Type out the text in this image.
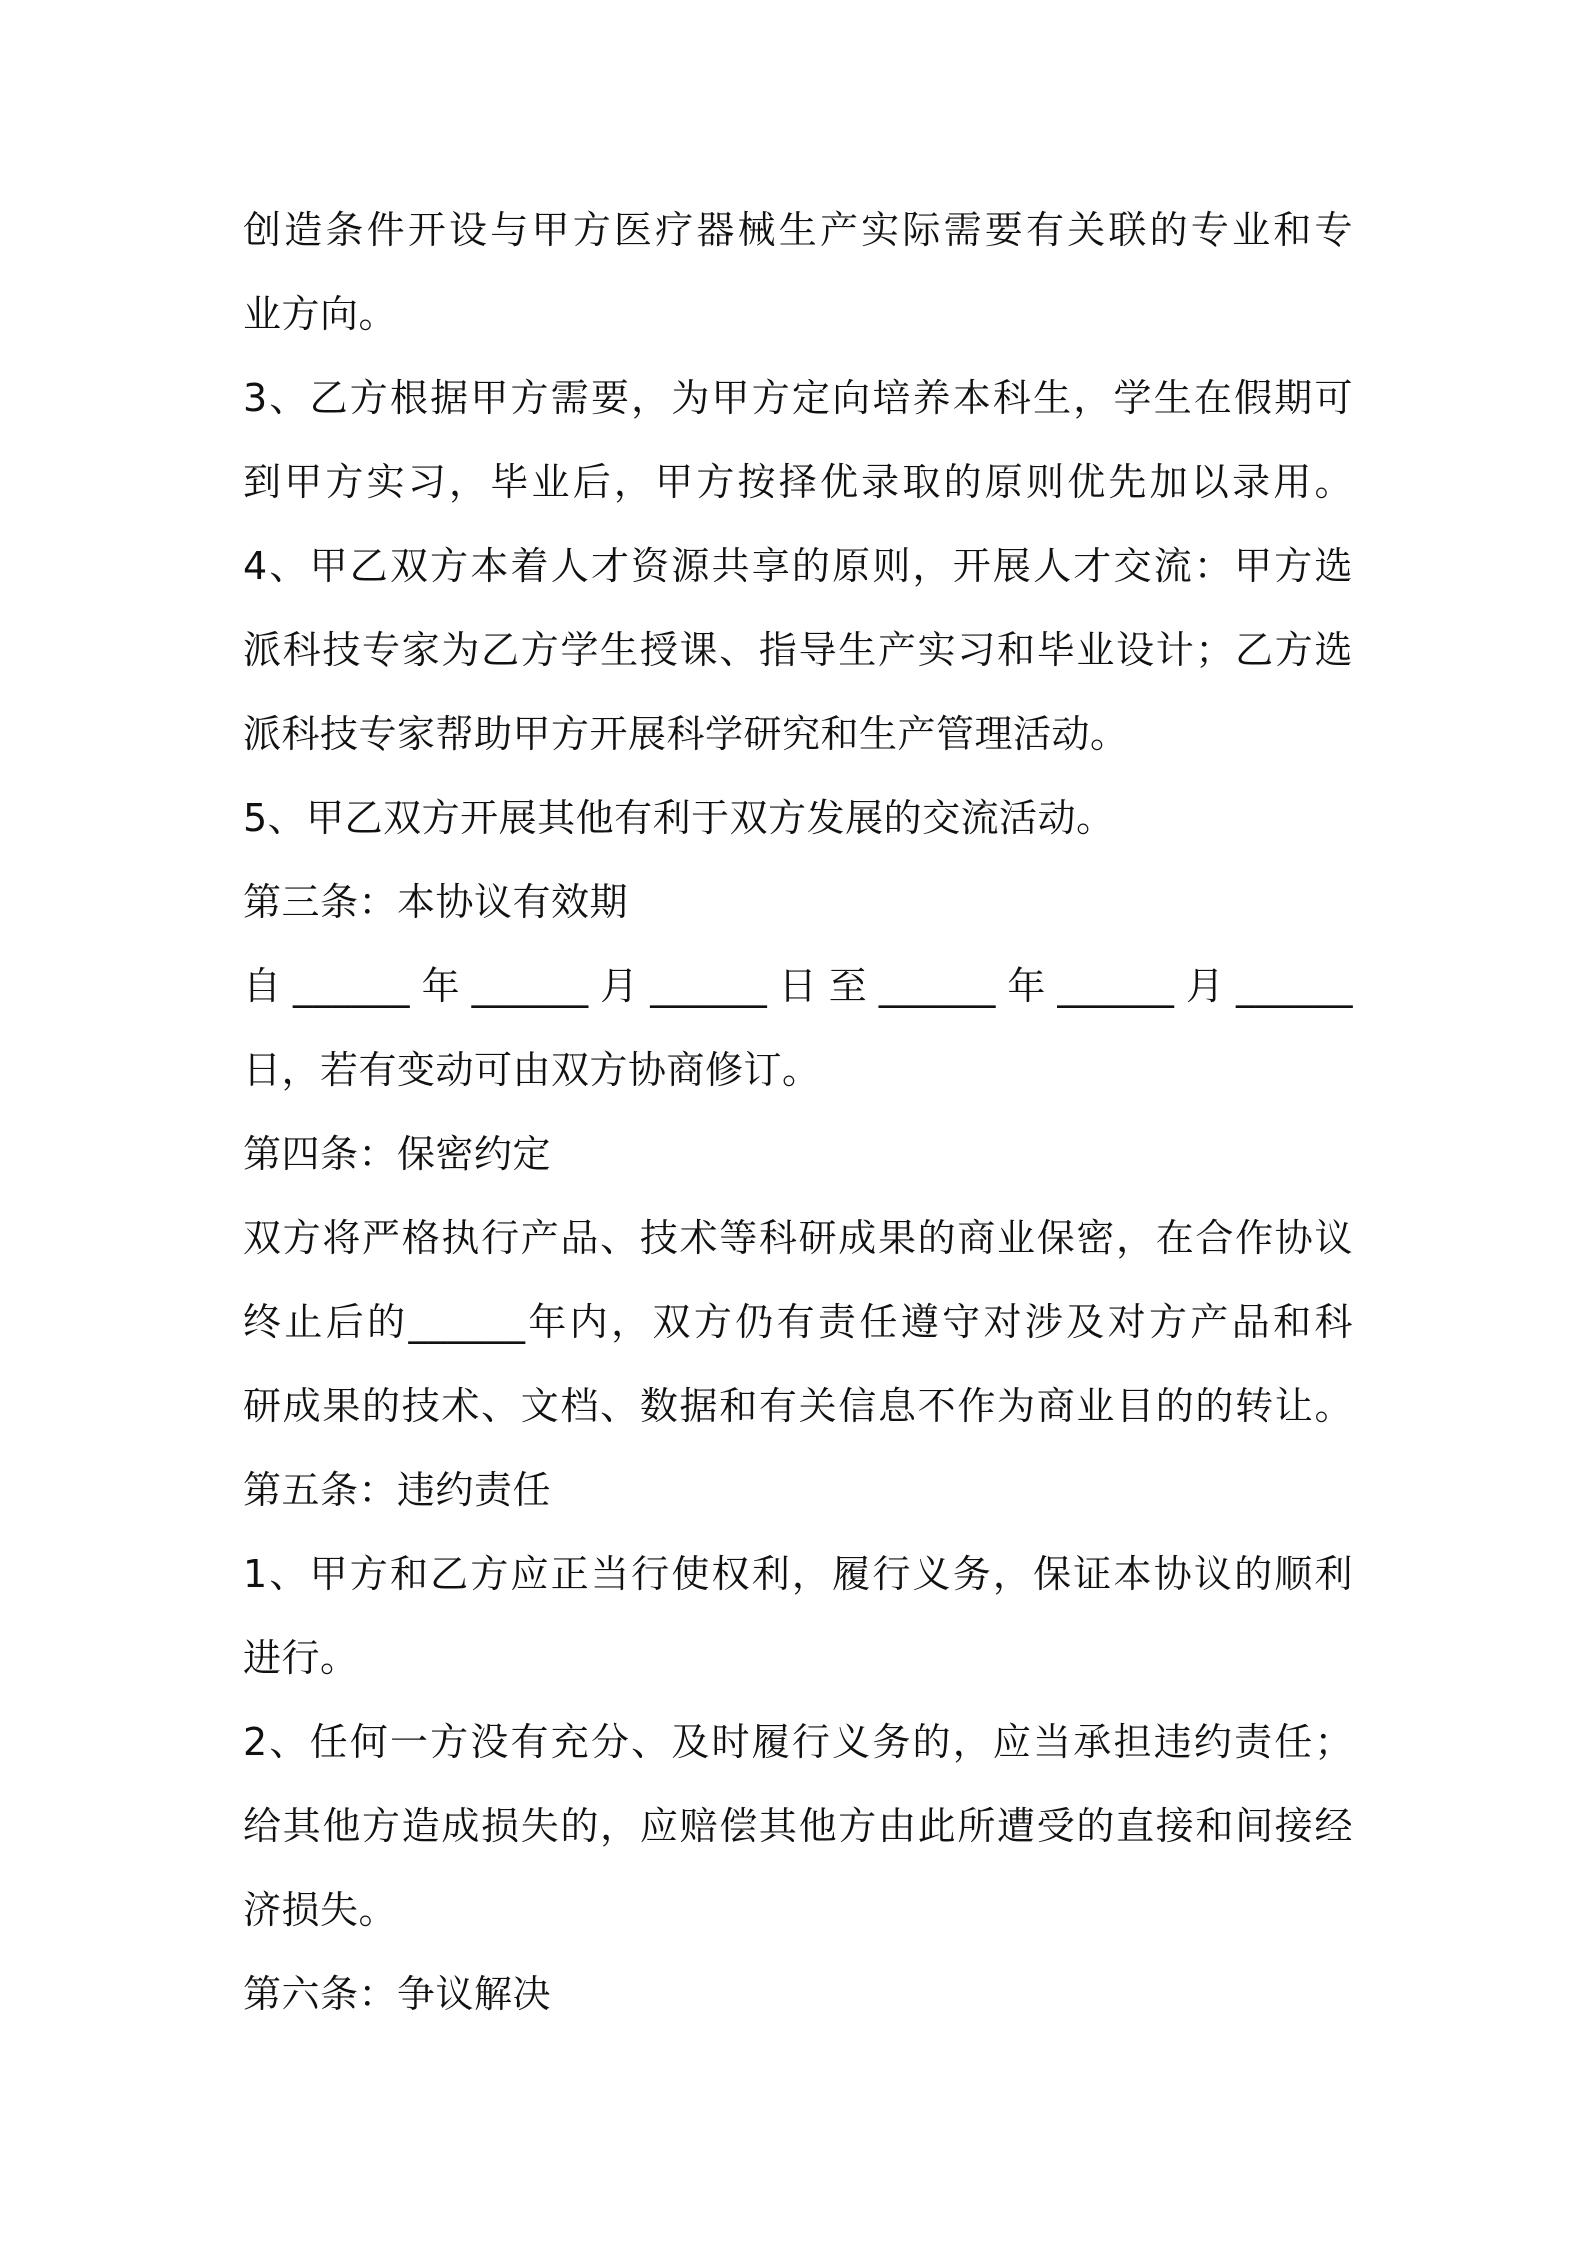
创造条件开设与甲方医疗器械生产实际需要有关联的专业和专
业方向。
3、乙方根据甲方需要，为甲方定向培养本科生，学生在假期可
到甲方实习，毕业后，甲方按择优录取的原则优先加以录用。
4、甲乙双方本着人才资源共享的原则，开展人才交流：甲方选
派科技专家为乙方学生授课、指导生产实习和毕业设计；乙方选
派科技专家帮助甲方开展科学研究和生产管理活动。
5、甲乙双方开展其他有利于双方发展的交流活动。
第三条：本协议有效期
自______年______月______日至______年______月______
日，若有变动可由双方协商修订。
第四条：保密约定
双方将严格执行产品、技术等科研成果的商业保密，在合作协议
终止后的______年内，双方仍有责任遵守对涉及对方产品和科
研成果的技术、文档、数据和有关信息不作为商业目的的转让。
第五条：违约责任
1、甲方和乙方应正当行使权利，履行义务，保证本协议的顺利
进行。
2、任何一方没有充分、及时履行义务的，应当承担违约责任；
给其他方造成损失的，应赔偿其他方由此所遭受的直接和间接经
济损失。
第六条：争议解决
